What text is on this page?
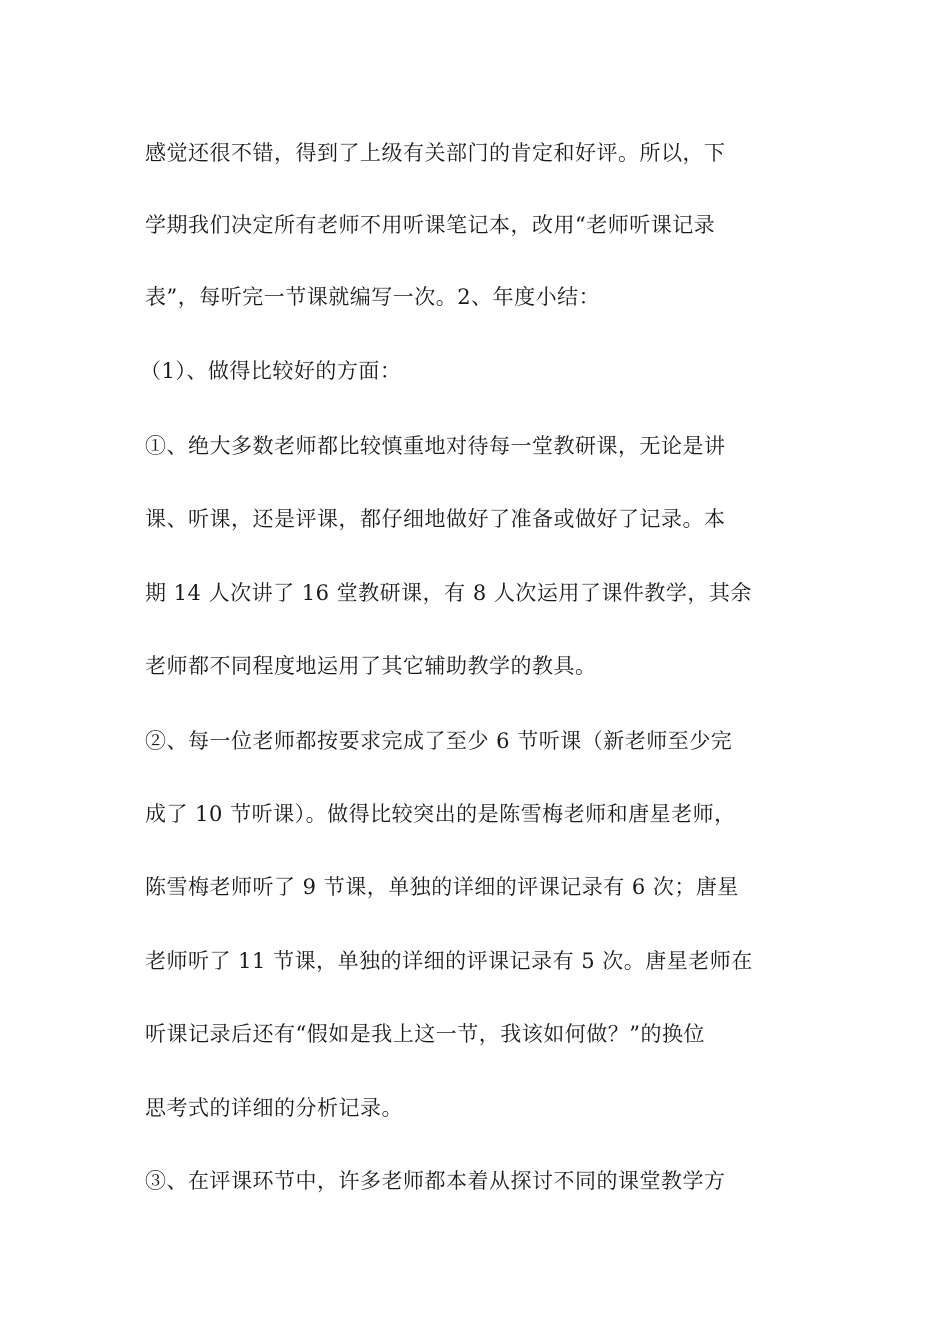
感觉还很不错，得到了上级有关部门的肯定和好评。所以，下
学期我们决定所有老师不用听课笔记本，改用“老师听课记录
表”，每听完一节课就编写一次。2、年度小结：
（1）、做得比较好的方面：
①、绝大多数老师都比较慎重地对待每一堂教研课，无论是讲
课、听课，还是评课，都仔细地做好了准备或做好了记录。本
期 14 人次讲了 16 堂教研课，有 8 人次运用了课件教学，其余
老师都不同程度地运用了其它辅助教学的教具。
②、每一位老师都按要求完成了至少 6 节听课（新老师至少完
成了 10 节听课）。做得比较突出的是陈雪梅老师和唐星老师，
陈雪梅老师听了 9 节课，单独的详细的评课记录有 6 次；唐星
老师听了 11 节课，单独的详细的评课记录有 5 次。唐星老师在
听课记录后还有“假如是我上这一节，我该如何做？”的换位
思考式的详细的分析记录。
③、在评课环节中，许多老师都本着从探讨不同的课堂教学方
